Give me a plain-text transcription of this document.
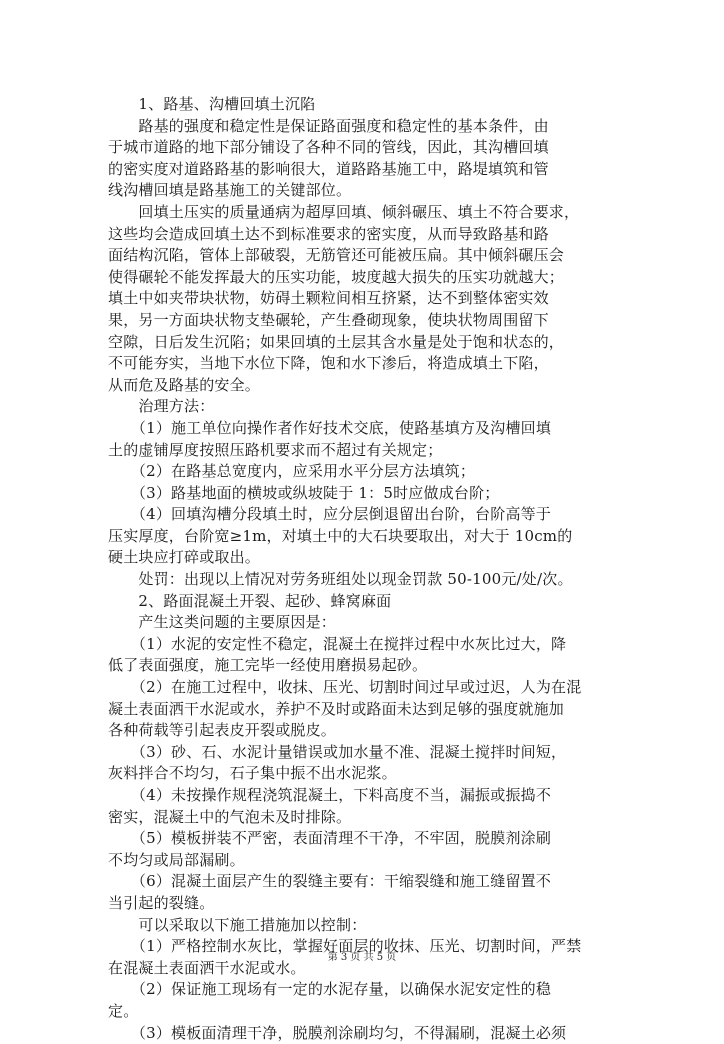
　　1、路基、沟槽回填土沉陷
　　路基的强度和稳定性是保证路面强度和稳定性的基本条件，由
于城市道路的地下部分铺设了各种不同的管线，因此，其沟槽回填
的密实度对道路路基的影响很大，道路路基施工中，路堤填筑和管
线沟槽回填是路基施工的关键部位。
　　回填土压实的质量通病为超厚回填、倾斜碾压、填土不符合要求，
这些均会造成回填土达不到标准要求的密实度，从而导致路基和路
面结构沉陷，管体上部破裂，无筋管还可能被压扁。其中倾斜碾压会
使得碾轮不能发挥最大的压实功能，坡度越大损失的压实功就越大；
填土中如夹带块状物，妨碍土颗粒间相互挤紧，达不到整体密实效
果，另一方面块状物支垫碾轮，产生叠砌现象，使块状物周围留下
空隙，日后发生沉陷；如果回填的土层其含水量是处于饱和状态的，
不可能夯实，当地下水位下降，饱和水下渗后，将造成填土下陷，
从而危及路基的安全。
　　治理方法：
　　（1）施工单位向操作者作好技术交底，使路基填方及沟槽回填
土的虚铺厚度按照压路机要求而不超过有关规定；
　　（2）在路基总宽度内，应采用水平分层方法填筑；
　　（3）路基地面的横坡或纵坡陡于 1：5时应做成台阶；
　　（4）回填沟槽分段填土时，应分层倒退留出台阶，台阶高等于
压实厚度，台阶宽≥1m，对填土中的大石块要取出，对大于 10cm的
硬土块应打碎或取出。
　　处罚：出现以上情况对劳务班组处以现金罚款 50-100元/处/次。
　　2、路面混凝土开裂、起砂、蜂窝麻面
　　产生这类问题的主要原因是：
　　（1）水泥的安定性不稳定，混凝土在搅拌过程中水灰比过大，降
低了表面强度，施工完毕一经使用磨损易起砂。
　　（2）在施工过程中，收抹、压光、切割时间过早或过迟，人为在混
凝土表面洒干水泥或水，养护不及时或路面未达到足够的强度就施加
各种荷载等引起表皮开裂或脱皮。
　　（3）砂、石、水泥计量错误或加水量不准、混凝土搅拌时间短，
灰料拌合不均匀，石子集中振不出水泥浆。
　　（4）未按操作规程浇筑混凝土，下料高度不当，漏振或振捣不
密实，混凝土中的气泡未及时排除。
　　（5）模板拼装不严密，表面清理不干净，不牢固，脱膜剂涂刷
不均匀或局部漏刷。
　　（6）混凝土面层产生的裂缝主要有：干缩裂缝和施工缝留置不
当引起的裂缝。
　　可以采取以下施工措施加以控制：
　　（1）严格控制水灰比，掌握好面层的收抹、压光、切割时间，严禁
在混凝土表面洒干水泥或水。
　　（2）保证施工现场有一定的水泥存量，以确保水泥安定性的稳
定。
　　（3）模板面清理干净，脱膜剂涂刷均匀，不得漏刷，混凝土必须
第 3 页 共 5 页
